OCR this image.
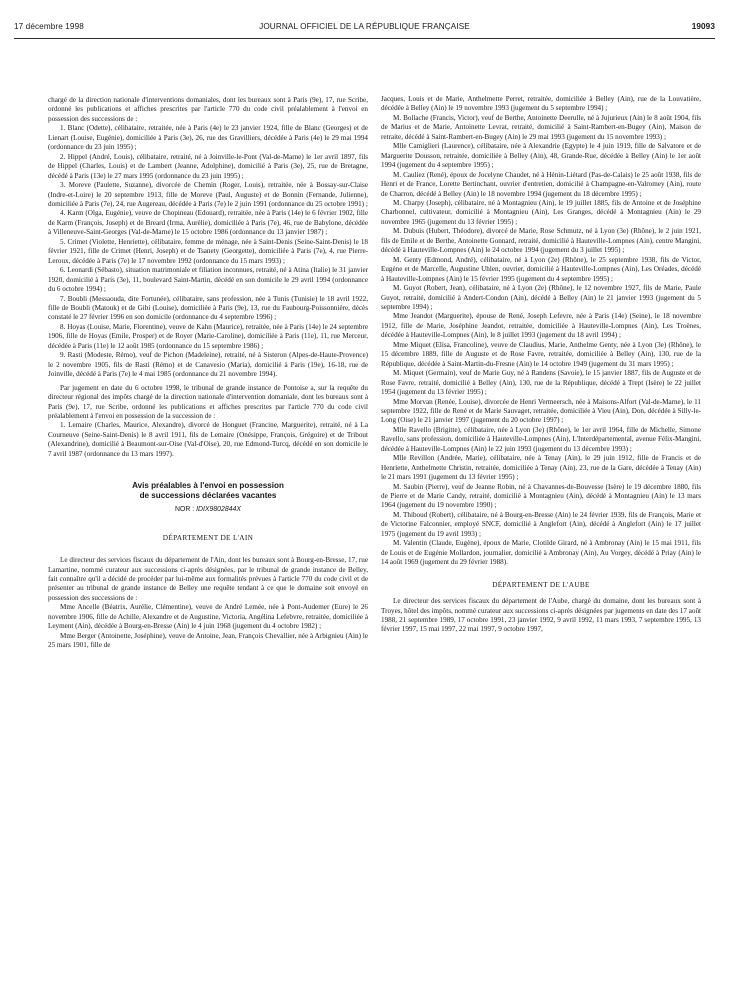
17 décembre 1998	JOURNAL OFFICIEL DE LA RÉPUBLIQUE FRANÇAISE	19093

chargé de la direction nationale d'interventions domaniales, dont les bureaux sont à Paris (9e), 17, rue Scribe, ordonné les publications et affiches prescrites par l'article 770 du code civil préalablement à l'envoi en possession des successions de :

1. Blanc (Odette), célibataire, retraitée, née à Paris (4e) le 23 janvier 1924, fille de Blanc (Georges) et de Lienart (Louise, Eugénie), domiciliée à Paris (3e), 26, rue des Gravilliers, décédée à Paris (4e) le 29 mai 1994 (ordonnance du 23 juin 1995) ;

2. Hippel (André, Louis), célibataire, retraité, né à Joinville-le-Pont (Val-de-Marne) le 1er avril 1897, fils de Hippel (Charles, Louis) et de Lambert (Jeanne, Adolphine), domicilié à Paris (3e), 25, rue de Bretagne, décédé à Paris (13e) le 27 mars 1995 (ordonnance du 23 juin 1995) ;

3. Moreve (Paulette, Suzanne), divorcée de Chemin (Roger, Louis), retraitée, née à Bossay-sur-Claise (Indre-et-Loire) le 20 septembre 1913, fille de Moreve (Paul, Auguste) et de Bonnin (Fernande, Julienne), domiciliée à Paris (7e), 24, rue Augereau, décédée à Paris (7e) le 2 juin 1991 (ordonnance du 25 octobre 1991) ;

4. Karm (Olga, Eugénie), veuve de Chopineau (Edouard), retraitée, née à Paris (14e) le 6 février 1902, fille de Karm (François, Joseph) et de Breard (Irma, Aurélie), domiciliée à Paris (7e), 46, rue de Babylone, décédée à Villeneuve-Saint-Georges (Val-de-Marne) le 15 octobre 1986 (ordonnance du 13 janvier 1987) ;

5. Crimet (Violette, Henriette), célibataire, femme de ménage, née à Saint-Denis (Seine-Saint-Denis) le 18 février 1921, fille de Crimet (Henri, Joseph) et de Tsanety (Georgette), domiciliée à Paris (7e), 4, rue Pierre-Leroux, décédée à Paris (7e) le 17 novembre 1992 (ordonnance du 15 mars 1993) ;

6. Leonardi (Sébasto), situation matrimoniale et filiation inconnues, retraité, né à Atina (Italie) le 31 janvier 1920, domicilié à Paris (3e), 11, boulevard Saint-Martin, décédé en son domicile le 29 avril 1994 (ordonnance du 6 octobre 1994) ;

7. Boubli (Messaouda, dite Fortunée), célibataire, sans profession, née à Tunis (Tunisie) le 18 avril 1922, fille de Boubli (Matouk) et de Gibi (Louise), domiciliée à Paris (9e), 13, rue du Faubourg-Poissonnière, décès constaté le 27 février 1996 en son domicile (ordonnance du 4 septembre 1996) ;

8. Hoyas (Louise, Marie, Florentine), veuve de Kahn (Maurice), retraitée, née à Paris (14e) le 24 septembre 1906, fille de Hoyas (Emile, Prosper) et de Royer (Marie-Caroline), domiciliée à Paris (11e), 11, rue Merceur, décédée à Paris (11e) le 12 août 1985 (ordonnance du 15 septembre 1986) ;

9. Rasti (Modeste, Rémo), veuf de Pichon (Madeleine), retraité, né à Sisteron (Alpes-de-Haute-Provence) le 2 novembre 1905, fils de Rasti (Rémo) et de Canavesio (Maria), domicilié à Paris (19e), 16-18, rue de Joinville, décédé à Paris (7e) le 4 mai 1985 (ordonnance du 21 novembre 1994).

Par jugement en date du 6 octobre 1998, le tribunal de grande instance de Pontoise a, sur la requête du directeur régional des impôts chargé de la direction nationale d'intervention domaniale, dont les bureaux sont à Paris (9e), 17, rue Scribe, ordonné les publications et affiches prescrites par l'article 770 du code civil préalablement à l'envoi en possession de la succession de :

1. Lemaire (Charles, Maurice, Alexandre), divorcé de Honguet (Francine, Marguerite), retraité, né à La Courneuve (Seine-Saint-Denis) le 8 avril 1911, fils de Lemaire (Onésippe, François, Grégoire) et de Tribout (Alexandrine), domicilié à Beaumont-sur-Oise (Val-d'Oise), 20, rue Edmond-Turcq, décédé en son domicile le 7 avril 1987 (ordonnance du 13 mars 1997).

Avis préalables à l'envoi en possession
de successions déclarées vacantes
NOR : IDIX9802844X
DÉPARTEMENT DE L'AIN

Le directeur des services fiscaux du département de l'Ain, dont les bureaux sont à Bourg-en-Bresse, 17, rue Lamartine, nommé curateur aux successions ci-après désignées, par le tribunal de grande instance de Belley, fait connaître qu'il a décidé de procéder par lui-même aux formalités prévues à l'article 770 du code civil et de présenter au tribunal de grande instance de Belley une requête tendant à ce que le domaine soit envoyé en possession des successions de :

Mme Ancelle (Béatrix, Aurélie, Clémentine), veuve de André Lemée, née à Pont-Audemer (Eure) le 26 novembre 1906, fille de Achille, Alexandre et de Augustine, Victoria, Angélina Lefebvre, retraitée, domiciliée à Leyment (Ain), décédée à Bourg-en-Bresse (Ain) le 4 juin 1968 (jugement du 4 octobre 1982) ;

Mme Berger (Antoinette, Joséphine), veuve de Antoine, Jean, François Chevallier, née à Arbignieu (Ain) le 25 mars 1901, fille de

Jacques, Louis et de Marie, Anthelmette Perret, retraitée, domiciliée à Belley (Ain), rue de la Louvatière, décédée à Belley (Ain) le 19 novembre 1993 (jugement du 5 septembre 1994) ;

M. Bollache (Francis, Victor), veuf de Berthe, Antoinette Deerulle, né à Jujurieux (Ain) le 8 août 1904, fils de Marius et de Marie, Antoinette Levrat, retraité, domicilié à Saint-Rambert-en-Bugey (Ain), Maison de retraite, décédé à Saint-Rambert-en-Bugey (Ain) le 29 mai 1993 (jugement du 15 novembre 1993) ;

Mlle Camiglieri (Laurence), célibataire, née à Alexandrie (Egypte) le 4 juin 1919, fille de Salvatore et de Marguerite Dousson, retraitée, domiciliée à Belley (Ain), 48, Grande-Rue, décédée à Belley (Ain) le 1er août 1994 (jugement du 4 septembre 1995) ;

M. Cauliez (René), époux de Jocelyne Chaudet, né à Hénin-Liétard (Pas-de-Calais) le 25 août 1938, fils de Henri et de France, Lorette Bertinchant, ouvrier d'entretien, domicilié à Champagne-en-Valromey (Ain), route de Charron, décédé à Belley (Ain) le 18 novembre 1994 (jugement du 18 décembre 1995) ;

M. Charpy (Joseph), célibataire, né à Montagnieu (Ain), le 19 juillet 1885, fils de Antoine et de Joséphine Charbonnel, cultivateur, domicilié à Montagnieu (Ain), Les Granges, décédé à Montagnieu (Ain) le 29 novembre 1965 (jugement du 13 février 1995) ;

M. Dubuis (Hubert, Théodore), divorcé de Marie, Rose Schmutz, né à Lyon (3e) (Rhône), le 2 juin 1921, fils de Emile et de Berthe, Antoinette Gonnard, retraité, domicilié à Hauteville-Lompnes (Ain), centre Mangini, décédé à Hauteville-Lompnes (Ain) le 24 octobre 1994 (jugement du 3 juillet 1995) ;

M. Genty (Edmond, André), célibataire, né à Lyon (2e) (Rhône), le 25 septembre 1938, fils de Victor, Eugène et de Marcelle, Augustine Uhlen, ouvrier, domicilié à Hauteville-Lompnes (Ain), Les Oréades, décédé à Hauteville-Lompnes (Ain) le 15 février 1995 (jugement du 4 septembre 1995) ;

M. Guyot (Robert, Jean), célibataire, né à Lyon (2e) (Rhône), le 12 novembre 1927, fils de Marie, Paule Guyot, retraité, domicilié à Andert-Condon (Ain), décédé à Belley (Ain) le 21 janvier 1993 (jugement du 5 septembre 1994) ;

Mme Jeandot (Marguerite), épouse de René, Joseph Lefevre, née à Paris (14e) (Seine), le 18 novembre 1912, fille de Marie, Joséphine Jeandot, retraitée, domiciliée à Hauteville-Lompnes (Ain), Les Troènes, décédée à Hauteville-Lompnes (Ain), le 8 juillet 1993 (jugement du 18 avril 1994) ;

Mme Miquet (Elisa, Francoline), veuve de Claudius, Marie, Anthelme Genty, née à Lyon (3e) (Rhône), le 15 décembre 1889, fille de Auguste et de Rose Favre, retraitée, domiciliée à Belley (Ain), 130, rue de la République, décédée à Saint-Martin-du-Fresne (Ain) le 14 octobre 1949 (jugement du 31 mars 1995) ;

M. Miquet (Germain), veuf de Marie Guy, né à Randens (Savoie), le 15 janvier 1887, fils de Auguste et de Rose Favre, retraité, domicilié à Belley (Ain), 130, rue de la République, décédé à Trept (Isère) le 22 juillet 1954 (jugement du 13 février 1995) ;

Mme Morvan (Renée, Louise), divorcée de Henri Vermeersch, née à Maisons-Alfort (Val-de-Marne), le 11 septembre 1922, fille de René et de Marie Sauvaget, retraitée, domiciliée à Vieu (Ain), Don, décédée à Silly-le-Long (Oise) le 21 janvier 1997 (jugement du 20 octobre 1997) ;

Mlle Ravello (Brigitte), célibataire, née à Lyon (3e) (Rhône), le 1er avril 1964, fille de Michelle, Simone Ravello, sans profession, domiciliée à Hauteville-Lompnes (Ain), L'Interdépartemental, avenue Félix-Mangini, décédée à Hauteville-Lompnes (Ain) le 22 juin 1993 (jugement du 13 décembre 1993) ;

Mlle Revillon (Andrée, Marie), célibataire, née à Tenay (Ain), le 29 juin 1912, fille de Francis et de Henriette, Anthelmette Christin, retraitée, domiciliée à Tenay (Ain), 23, rue de la Gare, décédée à Tenay (Ain) le 21 mars 1991 (jugement du 13 février 1995) ;

M. Saubin (Pierre), veuf de Jeanne Robin, né à Chavannes-de-Bouvesse (Isère) le 19 décembre 1880, fils de Pierre et de Marie Candy, retraité, domicilié à Montagnieu (Ain), décédé à Montagnieu (Ain) le 13 mars 1964 (jugement du 19 novembre 1990) ;

M. Thiboud (Robert), célibataire, né à Bourg-en-Bresse (Ain) le 24 février 1939, fils de François, Marie et de Victorine Falconnier, employé SNCF, domicilié à Anglefort (Ain), décédé à Anglefort (Ain) le 17 juillet 1975 (jugement du 19 avril 1993) ;

M. Valentin (Claude, Eugène), époux de Marie, Clotilde Girard, né à Ambronay (Ain) le 15 mai 1911, fils de Louis et de Eugénie Mollardon, journalier, domicilié à Ambronay (Ain), Au Vorgey, décédé à Priay (Ain) le 14 août 1969 (jugement du 29 février 1988).

DÉPARTEMENT DE L'AUBE

Le directeur des services fiscaux du département de l'Aube, chargé du domaine, dont les bureaux sont à Troyes, hôtel des impôts, nommé curateur aux successions ci-après désignées par jugements en date des 17 août 1988, 21 septembre 1989, 17 octobre 1991, 23 janvier 1992, 9 avril 1992, 11 mars 1993, 7 septembre 1995, 13 février 1997, 15 mai 1997, 22 mai 1997, 9 octobre 1997,
